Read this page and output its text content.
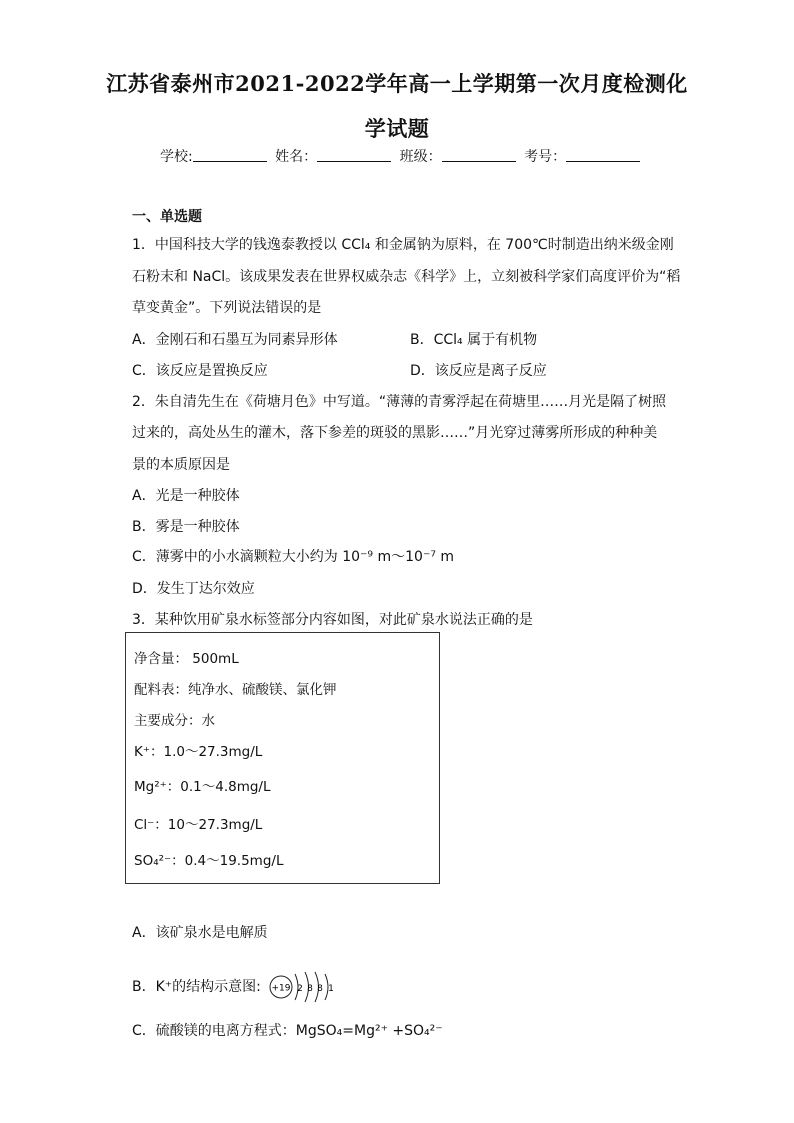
江苏省泰州市2021-2022学年高一上学期第一次月度检测化
学试题
学校:	姓名：	班级：	考号：
一、单选题
1．中国科技大学的钱逸泰教授以 CCl₄ 和金属钠为原料，在 700℃时制造出纳米级金刚
石粉末和 NaCl。该成果发表在世界权威杂志《科学》上，立刻被科学家们高度评价为“稻
草变黄金”。下列说法错误的是
A．金刚石和石墨互为同素异形体	B．CCl₄ 属于有机物
C．该反应是置换反应	D．该反应是离子反应
2．朱自清先生在《荷塘月色》中写道。“薄薄的青雾浮起在荷塘里……月光是隔了树照
过来的，高处丛生的灌木，落下参差的斑驳的黑影……”月光穿过薄雾所形成的种种美
景的本质原因是
A．光是一种胶体
B．雾是一种胶体
C．薄雾中的小水滴颗粒大小约为 10⁻⁹ m～10⁻⁷ m
D．发生丁达尔效应
3．某种饮用矿泉水标签部分内容如图，对此矿泉水说法正确的是
净含量： 500mL
配料表：纯净水、硫酸镁、氯化钾
主要成分：水
K⁺：1.0～27.3mg/L
Mg²⁺：0.1～4.8mg/L
Cl⁻：10～27.3mg/L
SO₄²⁻：0.4～19.5mg/L
A．该矿泉水是电解质
B．K⁺的结构示意图: +19 2 8 8 1
C．硫酸镁的电离方程式：MgSO₄=Mg²⁺ +SO₄²⁻
